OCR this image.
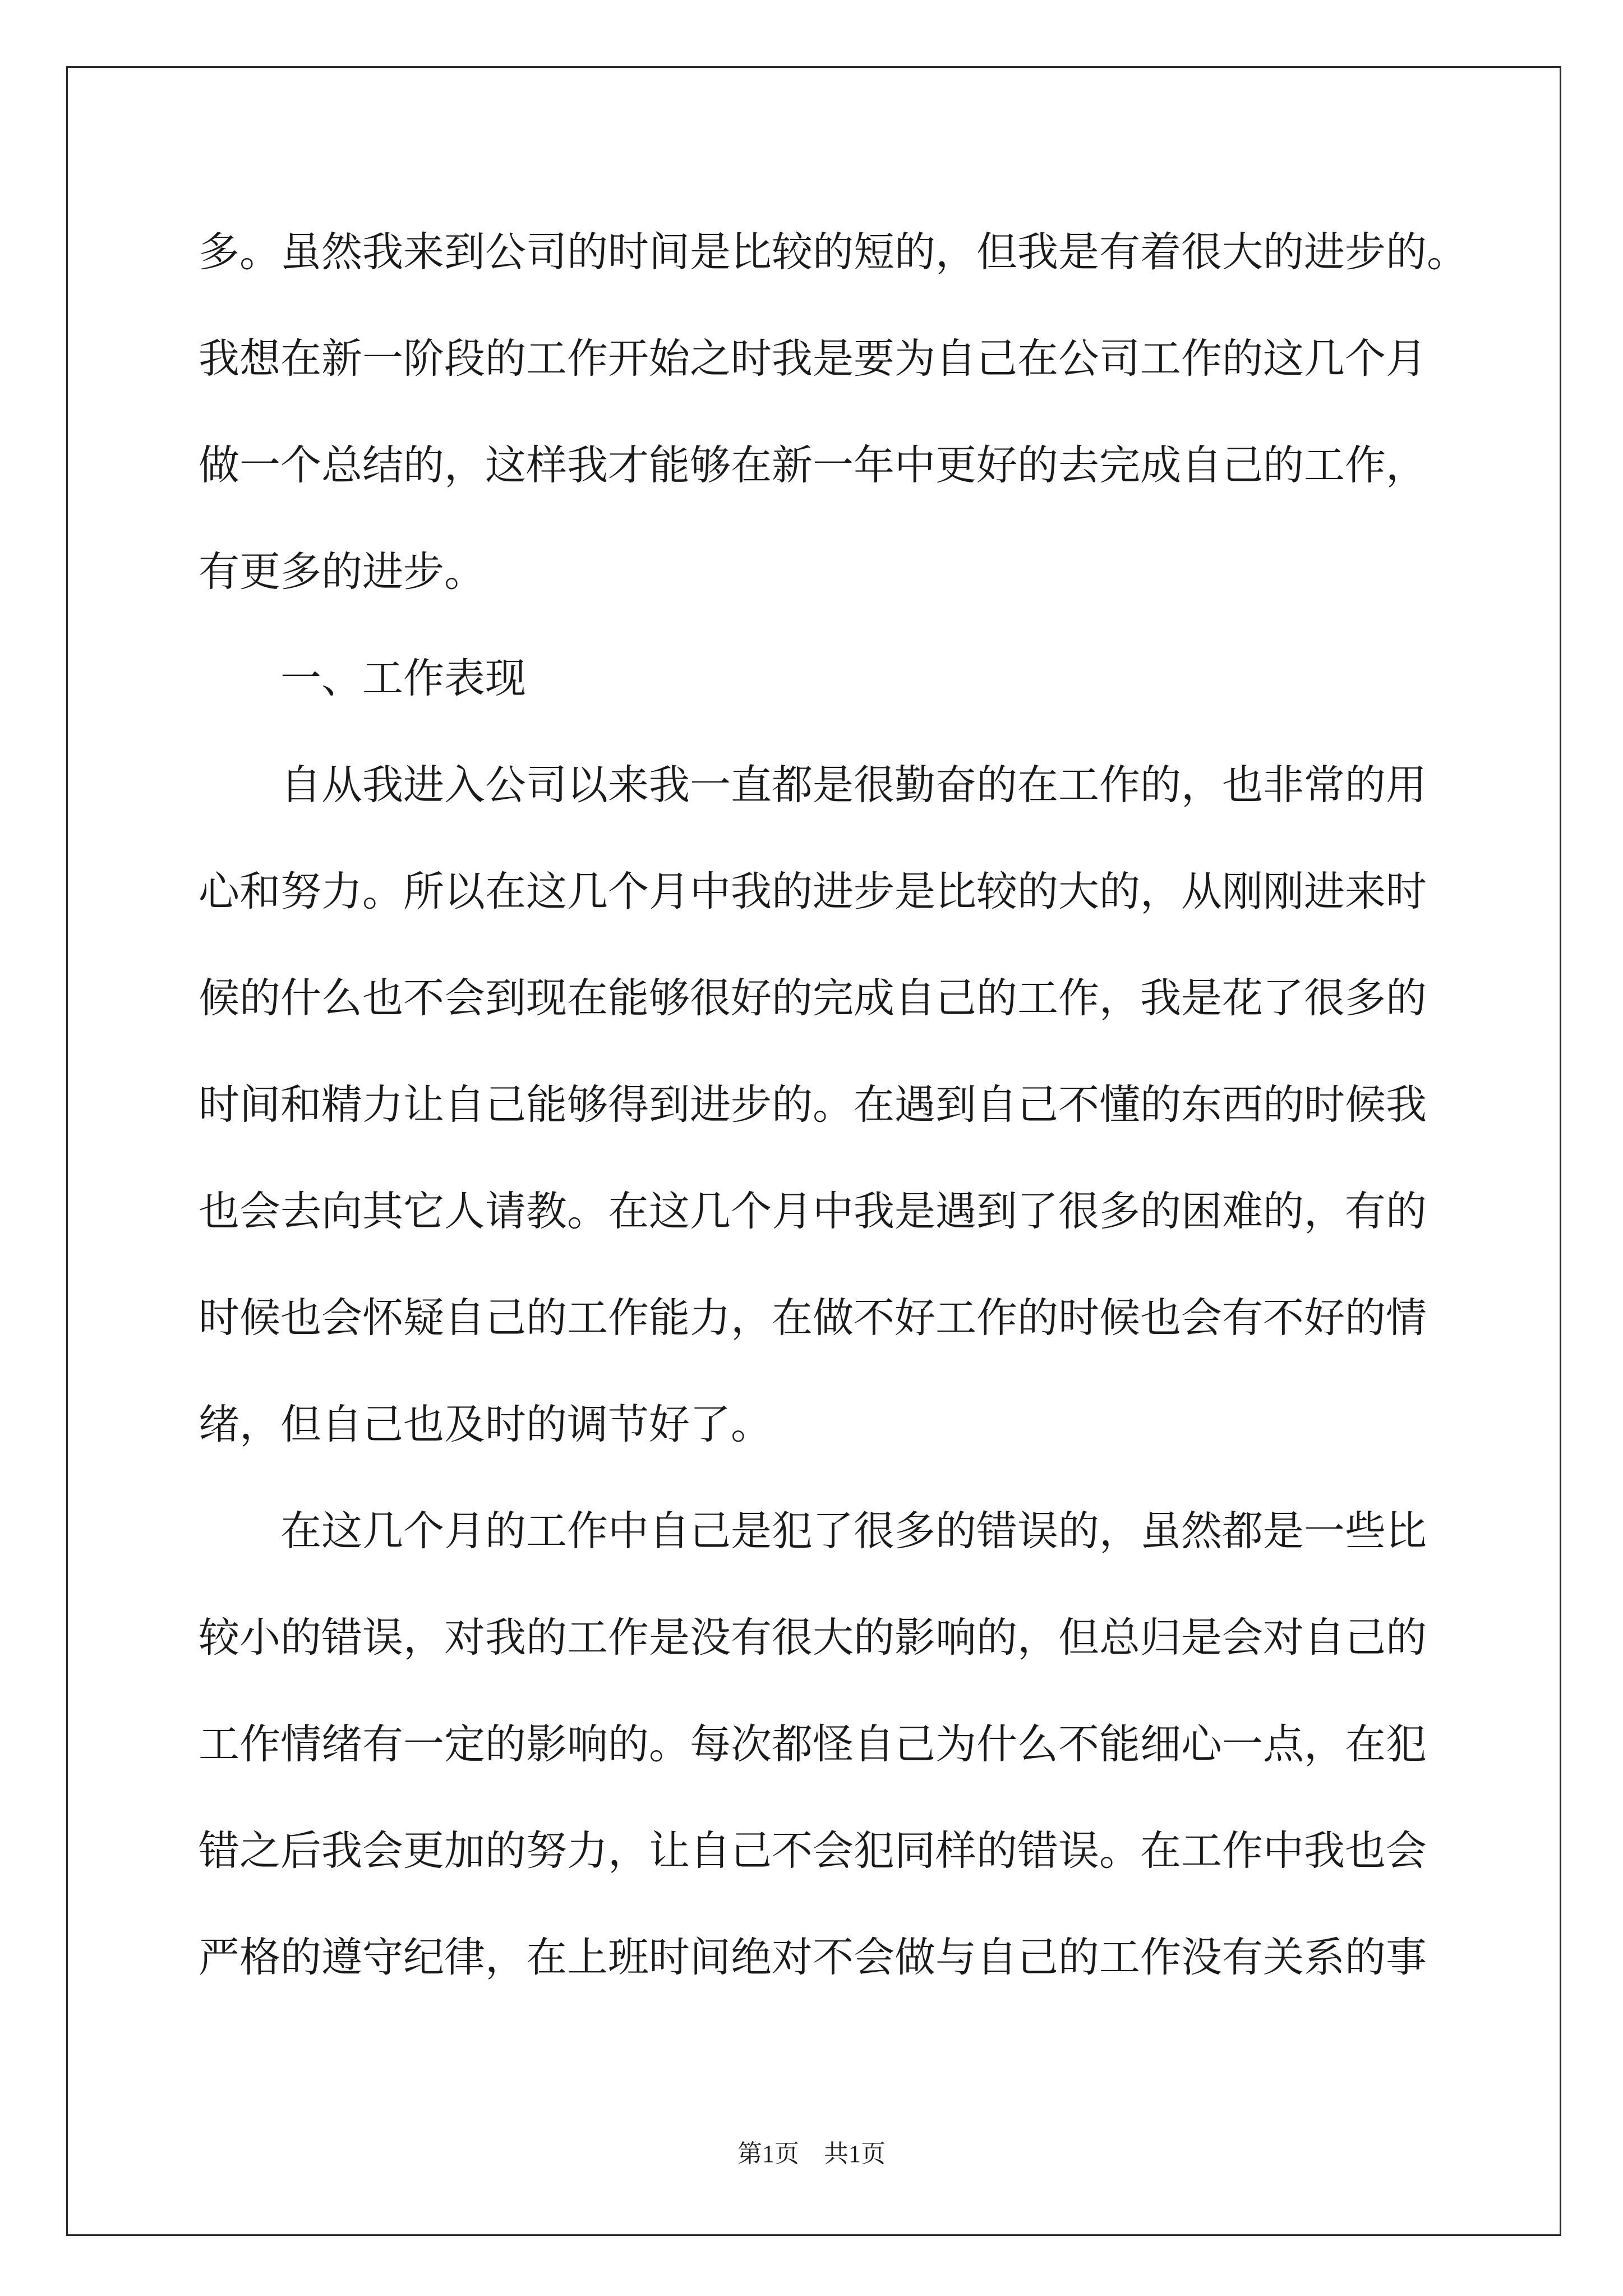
多。虽然我来到公司的时间是比较的短的，但我是有着很大的进步的。
我想在新一阶段的工作开始之时我是要为自己在公司工作的这几个月
做一个总结的，这样我才能够在新一年中更好的去完成自己的工作，
有更多的进步。
一、工作表现
自从我进入公司以来我一直都是很勤奋的在工作的，也非常的用
心和努力。所以在这几个月中我的进步是比较的大的，从刚刚进来时
候的什么也不会到现在能够很好的完成自己的工作，我是花了很多的
时间和精力让自己能够得到进步的。在遇到自己不懂的东西的时候我
也会去向其它人请教。在这几个月中我是遇到了很多的困难的，有的
时候也会怀疑自己的工作能力，在做不好工作的时候也会有不好的情
绪，但自己也及时的调节好了。
在这几个月的工作中自己是犯了很多的错误的，虽然都是一些比
较小的错误，对我的工作是没有很大的影响的，但总归是会对自己的
工作情绪有一定的影响的。每次都怪自己为什么不能细心一点，在犯
错之后我会更加的努力，让自己不会犯同样的错误。在工作中我也会
严格的遵守纪律，在上班时间绝对不会做与自己的工作没有关系的事
第1页　共1页
